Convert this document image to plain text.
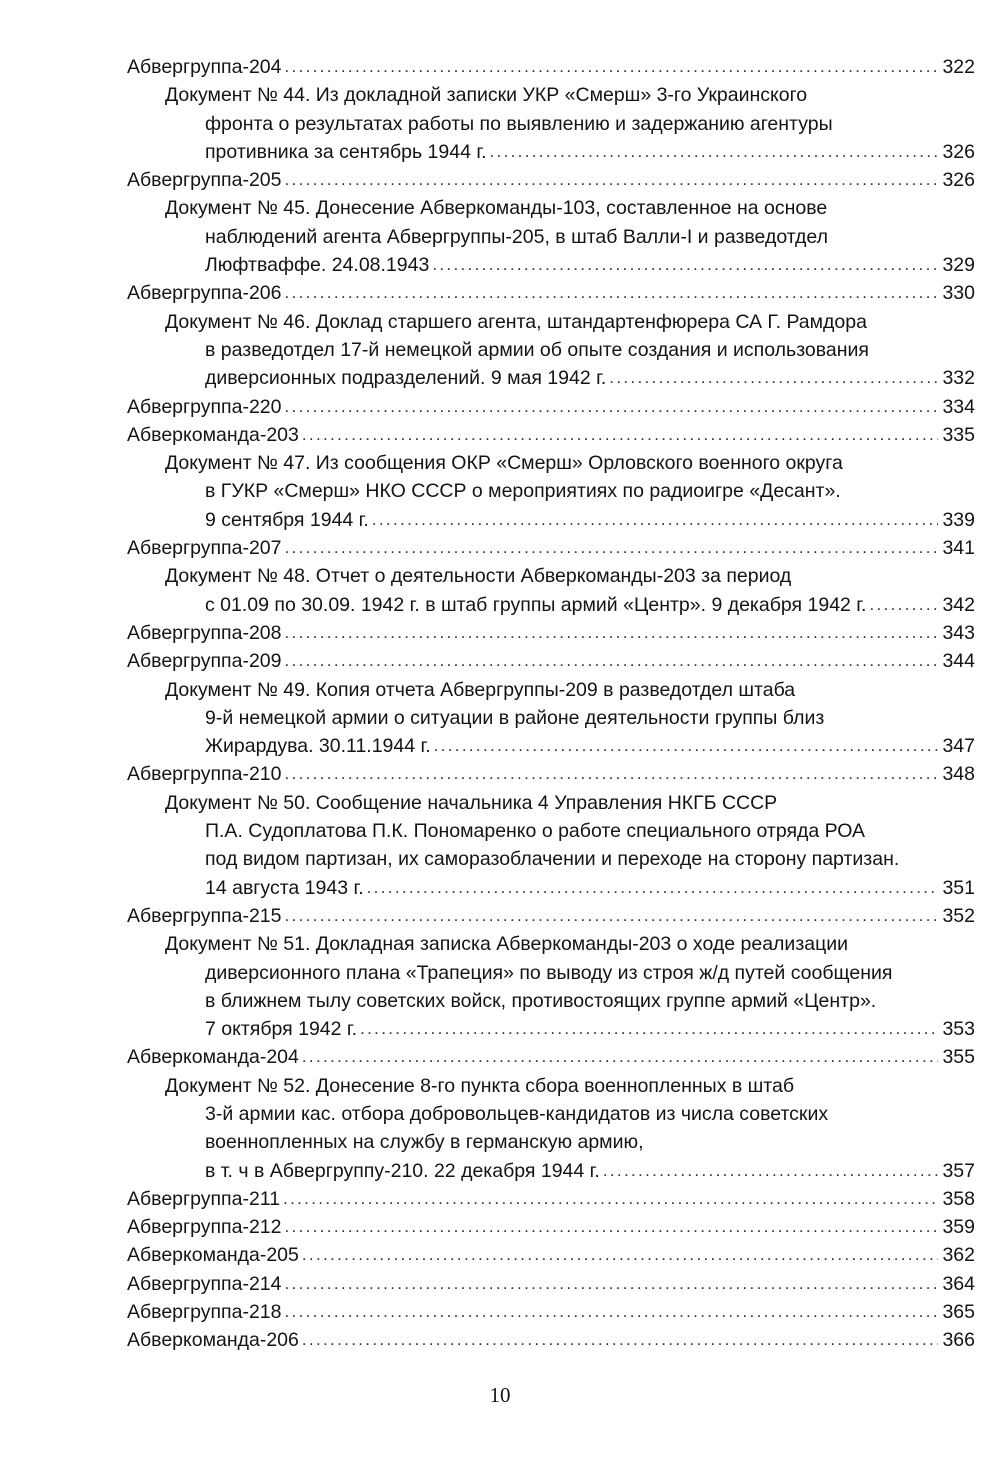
Абвергруппа-204 . . .	322
Документ № 44. Из докладной записки УКР «Смерш» 3-го Украинского
фронта о результатах работы по выявлению и задержанию агентуры
противника за сентябрь 1944 г. . . .	326
Абвергруппа-205 . . .	326
Документ № 45. Донесение Абверкоманды-103, составленное на основе
наблюдений агента Абвергруппы-205, в штаб Валли-I и разведотдел
Люфтваффе. 24.08.1943 . . .	329
Абвергруппа-206 . . .	330
Документ № 46. Доклад старшего агента, штандартенфюрера СА Г. Рамдора
в разведотдел 17-й немецкой армии об опыте создания и использования
диверсионных подразделений. 9 мая 1942 г. . . .	332
Абвергруппа-220 . . .	334
Абверкоманда-203 . . .	335
Документ № 47. Из сообщения ОКР «Смерш» Орловского военного округа
в ГУКР «Смерш» НКО СССР о мероприятиях по радиоигре «Десант».
9 сентября 1944 г. . . .	339
Абвергруппа-207 . . .	341
Документ № 48. Отчет о деятельности Абверкоманды-203 за период
с 01.09 по 30.09. 1942 г. в штаб группы армий «Центр». 9 декабря 1942 г. . . .	342
Абвергруппа-208 . . .	343
Абвергруппа-209 . . .	344
Документ № 49. Копия отчета Абвергруппы-209 в разведотдел штаба
9-й немецкой армии о ситуации в районе деятельности группы близ
Жирардува. 30.11.1944 г. . . .	347
Абвергруппа-210 . . .	348
Документ № 50. Сообщение начальника 4 Управления НКГБ СССР
П.А. Судоплатова П.К. Пономаренко о работе специального отряда РОА
под видом партизан, их саморазоблачении и переходе на сторону партизан.
14 августа 1943 г. . . .	351
Абвергруппа-215 . . .	352
Документ № 51. Докладная записка Абверкоманды-203 о ходе реализации
диверсионного плана «Трапеция» по выводу из строя ж/д путей сообщения
в ближнем тылу советских войск, противостоящих группе армий «Центр».
7 октября 1942 г. . . .	353
Абверкоманда-204 . . .	355
Документ № 52. Донесение 8-го пункта сбора военнопленных в штаб
3-й армии кас. отбора добровольцев-кандидатов из числа советских
военнопленных на службу в германскую армию,
в т. ч в Абвергруппу-210. 22 декабря 1944 г. . . .	357
Абвергруппа-211 . . .	358
Абвергруппа-212 . . .	359
Абверкоманда-205 . . .	362
Абвергруппа-214 . . .	364
Абвергруппа-218 . . .	365
Абверкоманда-206 . . .	366
10
